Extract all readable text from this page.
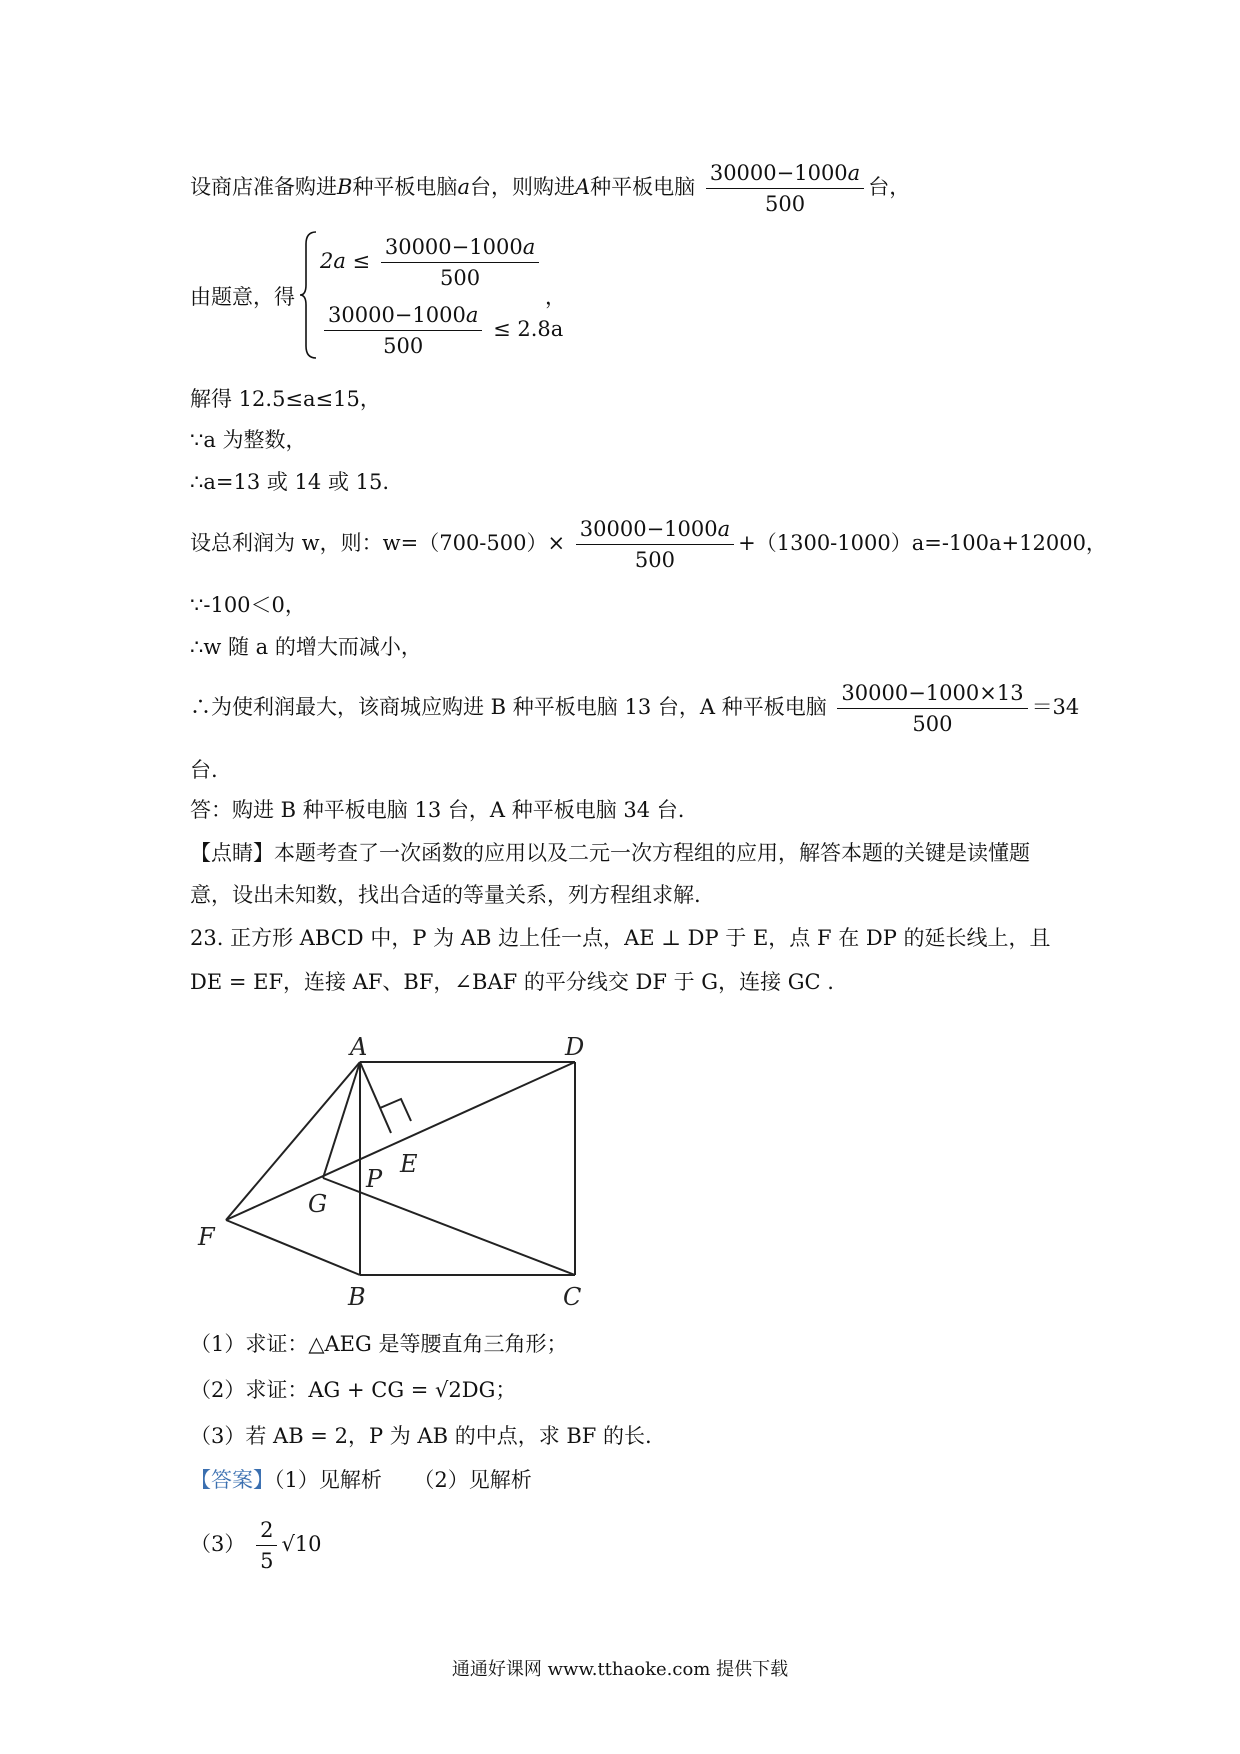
设商店准备购进B种平板电脑a台，则购进A种平板电脑 $\frac{30000-1000a}{500}$ 台，
由题意，得
$2a \le \frac{30000-1000a}{500}$
$\frac{30000-1000a}{500} \le 2.8a$
，
解得 12.5≤a≤15，
∵a 为整数，
∴a=13 或 14 或 15.
设总利润为 w，则：$w=(700-500)\times \frac{30000-1000a}{500} +(1300-1000)a=-100a+12000$，
∵-100＜0，
∴w 随 a 的增大而减小，
∴为使利润最大，该商城应购进 B 种平板电脑 13 台，A 种平板电脑 $\frac{30000-1000\times 13}{500} =34$
台.
答：购进 B 种平板电脑 13 台，A 种平板电脑 34 台.
【点睛】本题考查了一次函数的应用以及二元一次方程组的应用，解答本题的关键是读懂题
意，设出未知数，找出合适的等量关系，列方程组求解.
23. 正方形 ABCD 中，P 为 AB 边上任一点，AE ⊥ DP 于 E，点 F 在 DP 的延长线上，且
DE = EF，连接 AF、BF，∠BAF 的平分线交 DF 于 G，连接 GC .
A	D
E
P
G
F
B	C
（1）求证：△AEG 是等腰直角三角形；
（2）求证：AG + CG = √2DG；
（3）若 AB = 2，P 为 AB 的中点，求 BF 的长.
【答案】（1）见解析　　（2）见解析
$(3) \frac{2}{5} √10$
通通好课网 www.tthaoke.com 提供下载
